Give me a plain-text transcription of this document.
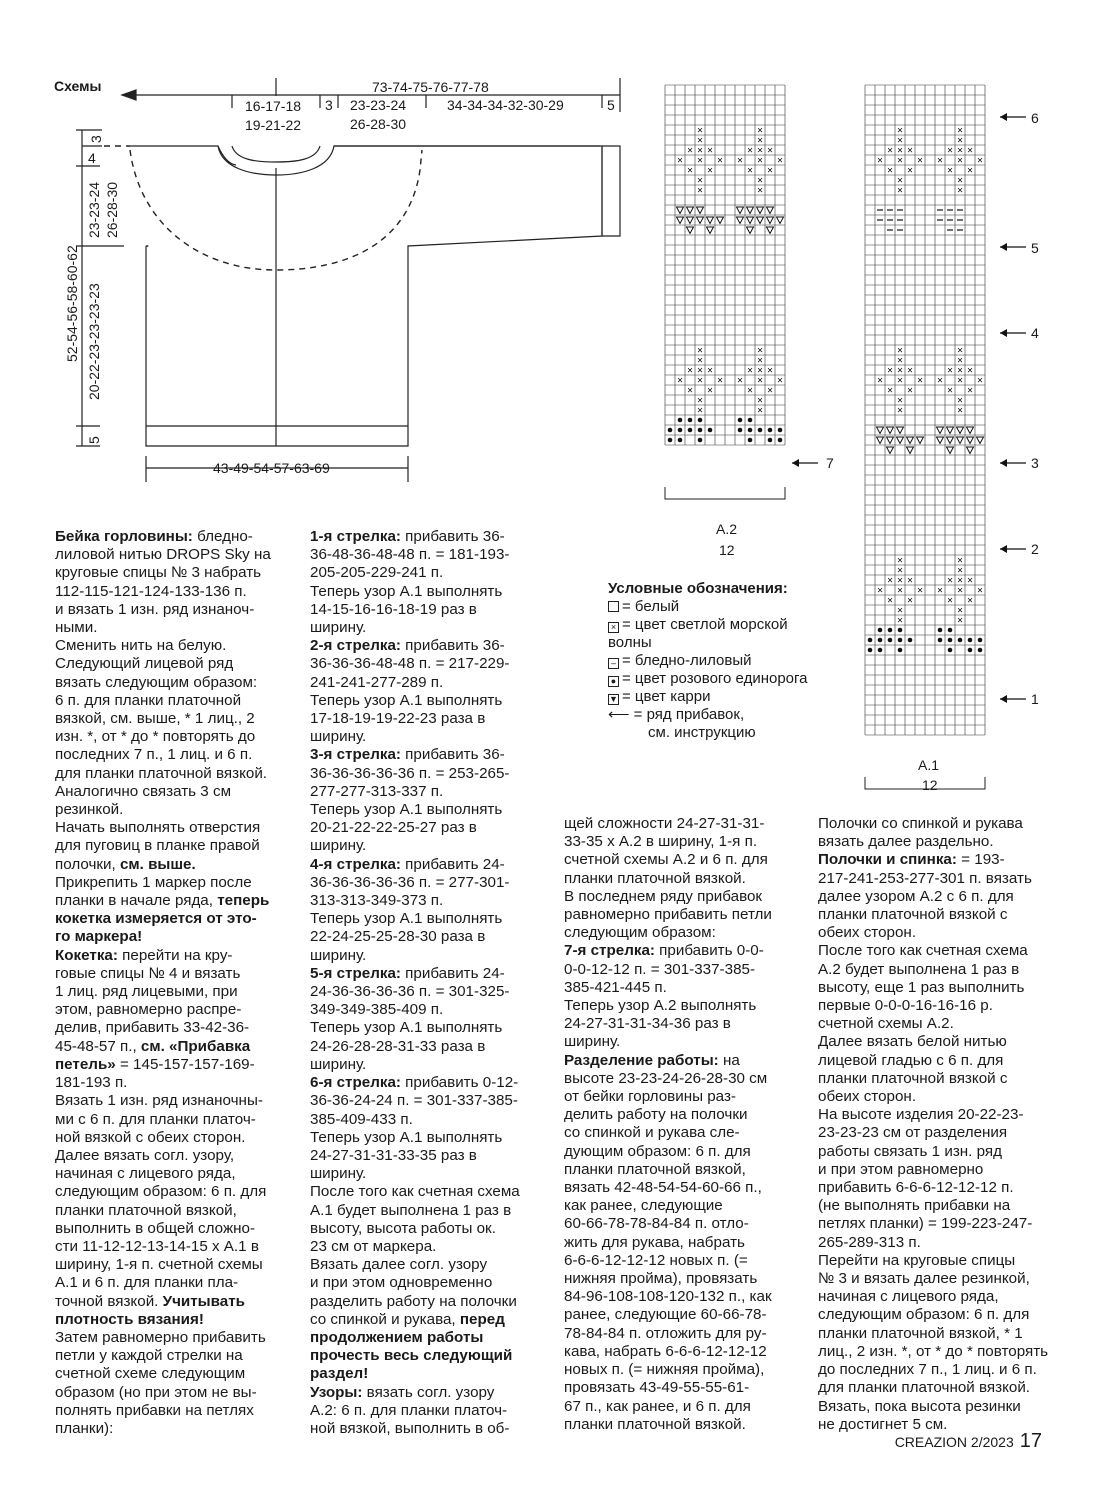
Схемы	73-74-75-76-77-78
16-17-18
19-21-22
3 23-23-24
26-28-30
34-34-34-32-30-29	5
3
4
23-23-24 26-28-30
52-54-56-58-60-62 20-22-23-23-23-23
5
43-49-54-57-63-69
×
×
× × ×
× × ×
× ×
×
×
×
×
× × ×
× × ×
× ×
×
×
×
×
× × ×
× × ×
× ×
×
×
×
×
× × ×
× × ×
× ×
×
×
×
×
× × ×
× × ×
× ×
×
×
×
×
× × ×
× × ×
× ×
×
×
×
×
× × ×
× × ×
× ×
×
×
×
×
× × ×
× × ×
× ×
×
×
×
×
× × ×
× × ×
× ×
×
×
×
×
× × ×
× × ×
× ×
×
×
A.2
12
7
A.1
12
6
5
4
3
2
1
Условные обозначения:
= белый
× = цвет светлой морской
волны
– = бледно-лиловый
● = цвет розового единорога
▼ = цвет карри
⟵ = ряд прибавок,
см. инструкцию

Бейка горловины: бледно-

лиловой нитью DROPS Sky на

круговые спицы № 3 набрать

112-115-121-124-133-136 п.

и вязать 1 изн. ряд изнаноч-

ными.

Сменить нить на белую.

Следующий лицевой ряд

вязать следующим образом:

6 п. для планки платочной

вязкой, см. выше, * 1 лиц., 2

изн. *, от * до * повторять до

последних 7 п., 1 лиц. и 6 п.

для планки платочной вязкой.

Аналогично связать 3 см

резинкой.

Начать выполнять отверстия

для пуговиц в планке правой

полочки, см. выше.

Прикрепить 1 маркер после

планки в начале ряда, теперь

кокетка измеряется от это-

го маркера!

Кокетка: перейти на кру-

говые спицы № 4 и вязать

1 лиц. ряд лицевыми, при

этом, равномерно распре-

делив, прибавить 33-42-36-

45-48-57 п., см. «Прибавка

петель» = 145-157-157-169-

181-193 п.

Вязать 1 изн. ряд изнаночны-

ми с 6 п. для планки платоч-

ной вязкой с обеих сторон.

Далее вязать согл. узору,

начиная с лицевого ряда,

следующим образом: 6 п. для

планки платочной вязкой,

выполнить в общей сложно-

сти 11-12-12-13-14-15 х А.1 в

ширину, 1-я п. счетной схемы

А.1 и 6 п. для планки пла-

точной вязкой. Учитывать

плотность вязания!

Затем равномерно прибавить

петли у каждой стрелки на

счетной схеме следующим

образом (но при этом не вы-

полнять прибавки на петлях

планки):

1-я стрелка: прибавить 36-

36-48-36-48-48 п. = 181-193-

205-205-229-241 п.

Теперь узор А.1 выполнять

14-15-16-16-18-19 раз в

ширину.

2-я стрелка: прибавить 36-

36-36-36-48-48 п. = 217-229-

241-241-277-289 п.

Теперь узор А.1 выполнять

17-18-19-19-22-23 раза в

ширину.

3-я стрелка: прибавить 36-

36-36-36-36-36 п. = 253-265-

277-277-313-337 п.

Теперь узор А.1 выполнять

20-21-22-22-25-27 раз в

ширину.

4-я стрелка: прибавить 24-

36-36-36-36-36 п. = 277-301-

313-313-349-373 п.

Теперь узор А.1 выполнять

22-24-25-25-28-30 раза в

ширину.

5-я стрелка: прибавить 24-

24-36-36-36-36 п. = 301-325-

349-349-385-409 п.

Теперь узор А.1 выполнять

24-26-28-28-31-33 раза в

ширину.

6-я стрелка: прибавить 0-12-

36-36-24-24 п. = 301-337-385-

385-409-433 п.

Теперь узор А.1 выполнять

24-27-31-31-33-35 раз в

ширину.

После того как счетная схема

А.1 будет выполнена 1 раз в

высоту, высота работы ок.

23 см от маркера.

Вязать далее согл. узору

и при этом одновременно

разделить работу на полочки

со спинкой и рукава, перед

продолжением работы

прочесть весь следующий

раздел!

Узоры: вязать согл. узору

А.2: 6 п. для планки платоч-

ной вязкой, выполнить в об-

щей сложности 24-27-31-31-

33-35 х А.2 в ширину, 1-я п.

счетной схемы А.2 и 6 п. для

планки платочной вязкой.

В последнем ряду прибавок

равномерно прибавить петли

следующим образом:

7-я стрелка: прибавить 0-0-

0-0-12-12 п. = 301-337-385-

385-421-445 п.

Теперь узор А.2 выполнять

24-27-31-31-34-36 раз в

ширину.

Разделение работы: на

высоте 23-23-24-26-28-30 см

от бейки горловины раз-

делить работу на полочки

со спинкой и рукава сле-

дующим образом: 6 п. для

планки платочной вязкой,

вязать 42-48-54-54-60-66 п.,

как ранее, следующие

60-66-78-78-84-84 п. отло-

жить для рукава, набрать

6-6-6-12-12-12 новых п. (=

нижняя пройма), провязать

84-96-108-108-120-132 п., как

ранее, следующие 60-66-78-

78-84-84 п. отложить для ру-

кава, набрать 6-6-6-12-12-12

новых п. (= нижняя пройма),

провязать 43-49-55-55-61-

67 п., как ранее, и 6 п. для

планки платочной вязкой.

Полочки со спинкой и рукава

вязать далее раздельно.

Полочки и спинка: = 193-

217-241-253-277-301 п. вязать

далее узором А.2 с 6 п. для

планки платочной вязкой с

обеих сторон.

После того как счетная схема

А.2 будет выполнена 1 раз в

высоту, еще 1 раз выполнить

первые 0-0-0-16-16-16 р.

счетной схемы А.2.

Далее вязать белой нитью

лицевой гладью с 6 п. для

планки платочной вязкой с

обеих сторон.

На высоте изделия 20-22-23-

23-23-23 см от разделения

работы связать 1 изн. ряд

и при этом равномерно

прибавить 6-6-6-12-12-12 п.

(не выполнять прибавки на

петлях планки) = 199-223-247-

265-289-313 п.

Перейти на круговые спицы

№ 3 и вязать далее резинкой,

начиная с лицевого ряда,

следующим образом: 6 п. для

планки платочной вязкой, * 1

лиц., 2 изн. *, от * до * повторять

до последних 7 п., 1 лиц. и 6 п.

для планки платочной вязкой.

Вязать, пока высота резинки

не достигнет 5 см.

CREAZION 2/2023 17
